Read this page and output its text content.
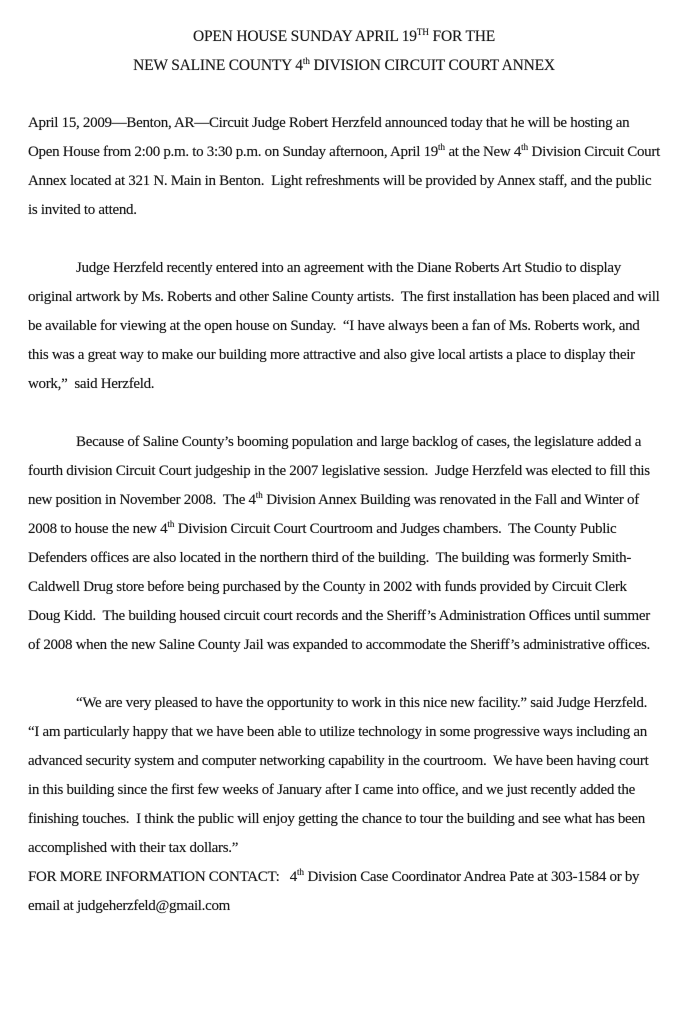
OPEN HOUSE SUNDAY APRIL 19TH FOR THE
NEW SALINE COUNTY 4th DIVISION CIRCUIT COURT ANNEX

April 15, 2009—Benton, AR—Circuit Judge Robert Herzfeld announced today that he will be hosting an Open House from 2:00 p.m. to 3:30 p.m. on Sunday afternoon, April 19th at the New 4th Division Circuit Court Annex located at 321 N. Main in Benton.  Light refreshments will be provided by Annex staff, and the public is invited to attend.

Judge Herzfeld recently entered into an agreement with the Diane Roberts Art Studio to display original artwork by Ms. Roberts and other Saline County artists.  The first installation has been placed and will be available for viewing at the open house on Sunday.  “I have always been a fan of Ms. Roberts work, and this was a great way to make our building more attractive and also give local artists a place to display their work,”  said Herzfeld.

Because of Saline County’s booming population and large backlog of cases, the legislature added a fourth division Circuit Court judgeship in the 2007 legislative session.  Judge Herzfeld was elected to fill this new position in November 2008.  The 4th Division Annex Building was renovated in the Fall and Winter of 2008 to house the new 4th Division Circuit Court Courtroom and Judges chambers.  The County Public Defenders offices are also located in the northern third of the building.  The building was formerly Smith-Caldwell Drug store before being purchased by the County in 2002 with funds provided by Circuit Clerk Doug Kidd.  The building housed circuit court records and the Sheriff’s Administration Offices until summer of 2008 when the new Saline County Jail was expanded to accommodate the Sheriff’s administrative offices.

“We are very pleased to have the opportunity to work in this nice new facility.” said Judge Herzfeld.  “I am particularly happy that we have been able to utilize technology in some progressive ways including an advanced security system and computer networking capability in the courtroom.  We have been having court in this building since the first few weeks of January after I came into office, and we just recently added the finishing touches.  I think the public will enjoy getting the chance to tour the building and see what has been accomplished with their tax dollars.”

FOR MORE INFORMATION CONTACT:   4th Division Case Coordinator Andrea Pate at 303-1584 or by email at judgeherzfeld@gmail.com
